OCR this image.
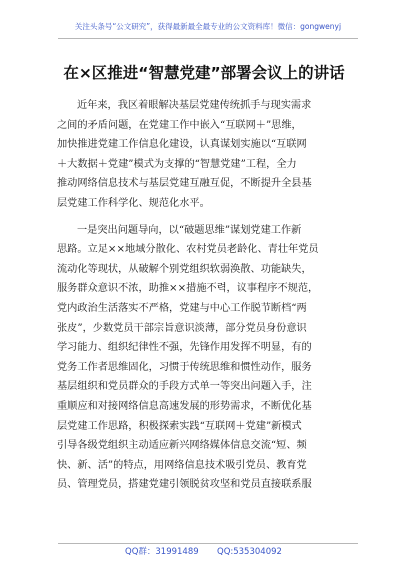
关注头条号“公文研究”，获得最新最全最专业的公文资料库！微信：gongwenyj
在×区推进“智慧党建”部署会议上的讲话
近年来，我区着眼解决基层党建传统抓手与现实需求
之间的矛盾问题，在党建工作中嵌入“互联网＋”思维，
加快推进党建工作信息化建设，认真谋划实施以“互联网
＋大数据＋党建”模式为支撑的“智慧党建”工程，全力
推动网络信息技术与基层党建互融互促，不断提升全县基
层党建工作科学化、规范化水平。
一是突出问题导向，以“破题思维”谋划党建工作新
思路。立足××地域分散化、农村党员老龄化、青壮年党员
流动化等现状，从破解个别党组织软弱涣散、功能缺失，
服务群众意识不浓，助推××措施不력，议事程序不规范，
党内政治生活落实不严格，党建与中心工作脱节断档“两
张皮”，少数党员干部宗旨意识淡薄，部分党员身份意识
学习能力、组织纪律性不强，先锋作用发挥不明显，有的
党务工作者思维固化，习惯于传统思维和惯性动作，服务
基层组织和党员群众的手段方式单一等突出问题入手，注
重顺应和对接网络信息高速发展的形势需求，不断优化基
层党建工作思路，积极探索实践“互联网＋党建”新模式
引导各级党组织主动适应新兴网络媒体信息交流“短、频
快、新、活”的特点，用网络信息技术吸引党员、教育党
员、管理党员，搭建党建引领脱贫攻坚和党员直接联系服
QQ群：31991489 QQ:535304092
